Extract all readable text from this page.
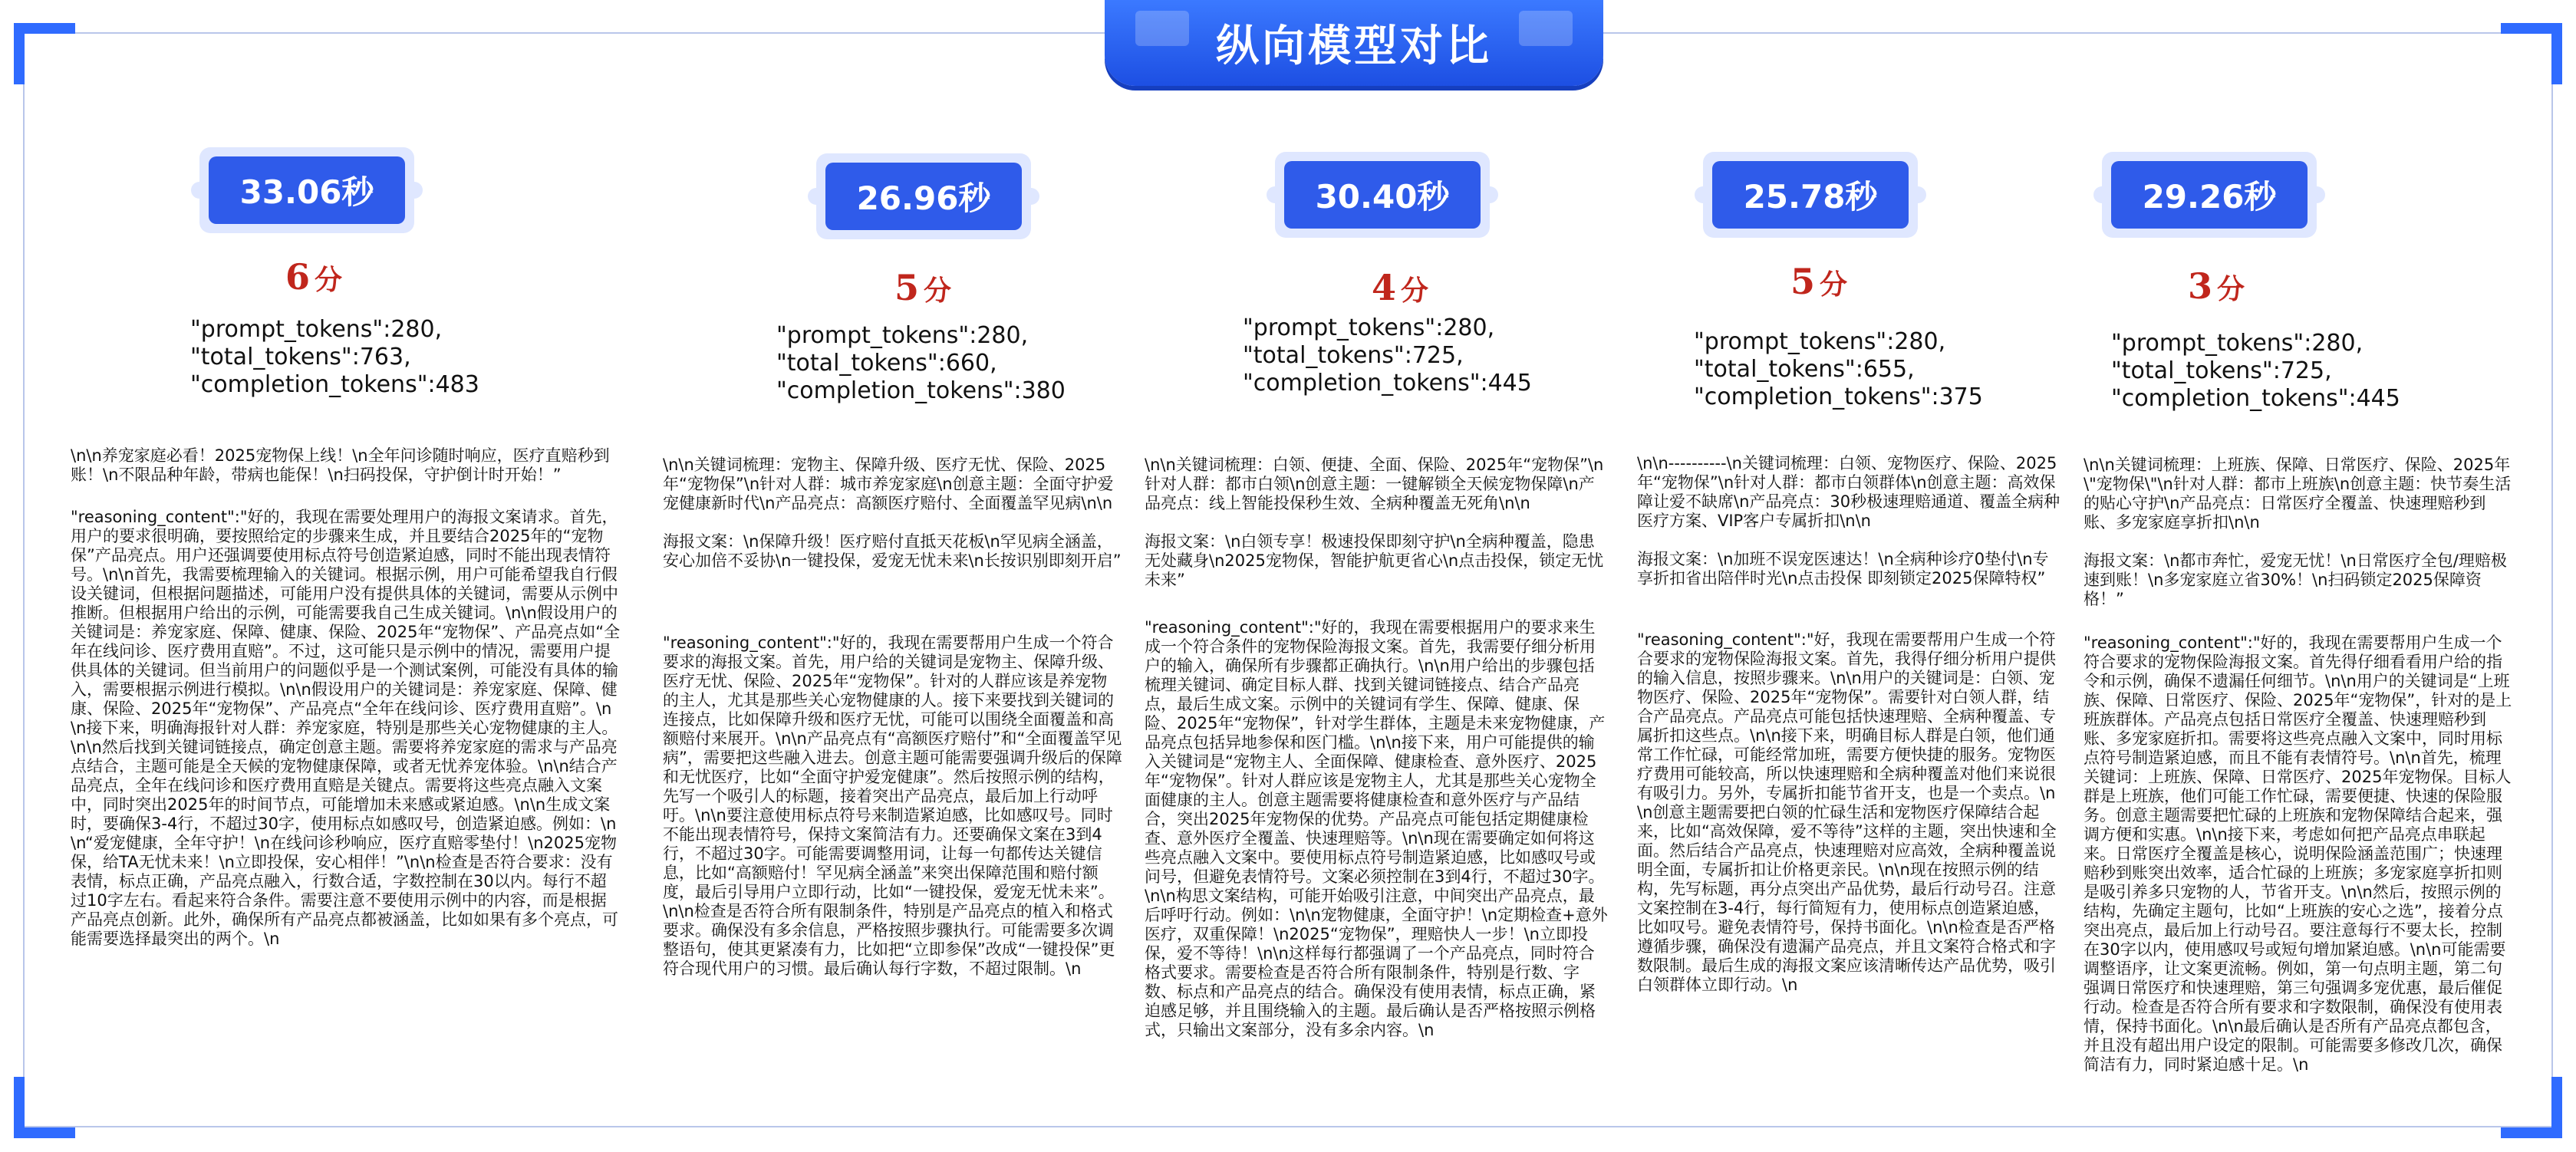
纵向模型对比
33.06秒
6 分
"prompt_tokens":280,
"total_tokens":763,
"completion_tokens":483
\n\n养宠家庭必看！2025宠物保上线！\n全年问诊随时响应，医疗直赔秒到账！\n不限品种年龄，带病也能保！\n扫码投保，守护倒计时开始！”
"reasoning_content":"好的，我现在需要处理用户的海报文案请求。首先，用户的要求很明确，要按照给定的步骤来生成，并且要结合2025年的“宠物保”产品亮点。用户还强调要使用标点符号创造紧迫感，同时不能出现表情符号。\n\n首先，我需要梳理输入的关键词。根据示例，用户可能希望我自行假设关键词，但根据问题描述，可能用户没有提供具体的关键词，需要从示例中推断。但根据用户给出的示例，可能需要我自己生成关键词。\n\n假设用户的关键词是：养宠家庭、保障、健康、保险、2025年“宠物保”、产品亮点如“全年在线问诊、医疗费用直赔”。不过，这可能只是示例中的情况，需要用户提供具体的关键词。但当前用户的问题似乎是一个测试案例，可能没有具体的输入，需要根据示例进行模拟。\n\n假设用户的关键词是：养宠家庭、保障、健康、保险、2025年“宠物保”、产品亮点“全年在线问诊、医疗费用直赔”。\n\n接下来，明确海报针对人群：养宠家庭，特别是那些关心宠物健康的主人。\n\n然后找到关键词链接点，确定创意主题。需要将养宠家庭的需求与产品亮点结合，主题可能是全天候的宠物健康保障，或者无忧养宠体验。\n\n结合产品亮点，全年在线问诊和医疗费用直赔是关键点。需要将这些亮点融入文案中，同时突出2025年的时间节点，可能增加未来感或紧迫感。\n\n生成文案时，要确保3-4行，不超过30字，使用标点如感叹号，创造紧迫感。例如：\n\n“爱宠健康，全年守护！\n在线问诊秒响应，医疗直赔零垫付！\n2025宠物保，给TA无忧未来！\n立即投保，安心相伴！”\n\n检查是否符合要求：没有表情，标点正确，产品亮点融入，行数合适，字数控制在30以内。每行不超过10字左右。看起来符合条件。需要注意不要使用示例中的内容，而是根据产品亮点创新。此外，确保所有产品亮点都被涵盖，比如如果有多个亮点，可能需要选择最突出的两个。\n
26.96秒
5 分
"prompt_tokens":280,
"total_tokens":660,
"completion_tokens":380
\n\n关键词梳理：宠物主、保障升级、医疗无忧、保险、2025年“宠物保”\n针对人群：城市养宠家庭\n创意主题：全面守护爱宠健康新时代\n产品亮点：高额医疗赔付、全面覆盖罕见病\n\n

海报文案：\n保障升级！医疗赔付直抵天花板\n罕见病全涵盖，安心加倍不妥协\n一键投保，爱宠无忧未来\n长按识别即刻开启”
"reasoning_content":"好的，我现在需要帮用户生成一个符合要求的海报文案。首先，用户给的关键词是宠物主、保障升级、医疗无忧、保险、2025年“宠物保”。针对的人群应该是养宠物的主人，尤其是那些关心宠物健康的人。接下来要找到关键词的连接点，比如保障升级和医疗无忧，可能可以围绕全面覆盖和高额赔付来展开。\n\n产品亮点有“高额医疗赔付”和“全面覆盖罕见病”，需要把这些融入进去。创意主题可能需要强调升级后的保障和无忧医疗，比如“全面守护爱宠健康”。然后按照示例的结构，先写一个吸引人的标题，接着突出产品亮点，最后加上行动呼吁。\n\n要注意使用标点符号来制造紧迫感，比如感叹号。同时不能出现表情符号，保持文案简洁有力。还要确保文案在3到4行，不超过30字。可能需要调整用词，让每一句都传达关键信息，比如“高额赔付！罕见病全涵盖”来突出保障范围和赔付额度，最后引导用户立即行动，比如“一键投保，爱宠无忧未来”。\n\n检查是否符合所有限制条件，特别是产品亮点的植入和格式要求。确保没有多余信息，严格按照步骤执行。可能需要多次调整语句，使其更紧凑有力，比如把“立即参保”改成“一键投保”更符合现代用户的习惯。最后确认每行字数，不超过限制。\n
30.40秒
4 分
"prompt_tokens":280,
"total_tokens":725,
"completion_tokens":445
\n\n关键词梳理：白领、便捷、全面、保险、2025年“宠物保”\n针对人群：都市白领\n创意主题：一键解锁全天候宠物保障\n产品亮点：线上智能投保秒生效、全病种覆盖无死角\n\n

海报文案：\n白领专享！极速投保即刻守护\n全病种覆盖，隐患无处藏身\n2025宠物保，智能护航更省心\n点击投保，锁定无忧未来”
"reasoning_content":"好的，我现在需要根据用户的要求来生成一个符合条件的宠物保险海报文案。首先，我需要仔细分析用户的输入，确保所有步骤都正确执行。\n\n用户给出的步骤包括梳理关键词、确定目标人群、找到关键词链接点、结合产品亮点，最后生成文案。示例中的关键词有学生、保障、健康、保险、2025年“宠物保”，针对学生群体，主题是未来宠物健康，产品亮点包括异地参保和医门槛。\n\n接下来，用户可能提供的输入关键词是“宠物主人、全面保障、健康检查、意外医疗、2025年“宠物保”。针对人群应该是宠物主人，尤其是那些关心宠物全面健康的主人。创意主题需要将健康检查和意外医疗与产品结合，突出2025年宠物保的优势。产品亮点可能包括定期健康检查、意外医疗全覆盖、快速理赔等。\n\n现在需要确定如何将这些亮点融入文案中。要使用标点符号制造紧迫感，比如感叹号或问号，但避免表情符号。文案必须控制在3到4行，不超过30字。\n\n构思文案结构，可能开始吸引注意，中间突出产品亮点，最后呼吁行动。例如：\n\n宠物健康，全面守护！\n定期检查+意外医疗，双重保障！\n2025“宠物保”，理赔快人一步！\n立即投保，爱不等待！\n\n这样每行都强调了一个产品亮点，同时符合格式要求。需要检查是否符合所有限制条件，特别是行数、字数、标点和产品亮点的结合。确保没有使用表情，标点正确，紧迫感足够，并且围绕输入的主题。最后确认是否严格按照示例格式，只输出文案部分，没有多余内容。\n
25.78秒
5 分
"prompt_tokens":280,
"total_tokens":655,
"completion_tokens":375
\n\n----------\n关键词梳理：白领、宠物医疗、保险、2025年“宠物保”\n针对人群：都市白领群体\n创意主题：高效保障让爱不缺席\n产品亮点：30秒极速理赔通道、覆盖全病种医疗方案、VIP客户专属折扣\n\n

海报文案：\n加班不误宠医速达！\n全病种诊疗0垫付\n专享折扣省出陪伴时光\n点击投保 即刻锁定2025保障特权”
"reasoning_content":"好，我现在需要帮用户生成一个符合要求的宠物保险海报文案。首先，我得仔细分析用户提供的输入信息，按照步骤来。\n\n用户的关键词是：白领、宠物医疗、保险、2025年“宠物保”。需要针对白领人群，结合产品亮点。产品亮点可能包括快速理赔、全病种覆盖、专属折扣这些点。\n\n接下来，明确目标人群是白领，他们通常工作忙碌，可能经常加班，需要方便快捷的服务。宠物医疗费用可能较高，所以快速理赔和全病种覆盖对他们来说很有吸引力。另外，专属折扣能节省开支，也是一个卖点。\n\n创意主题需要把白领的忙碌生活和宠物医疗保障结合起来，比如“高效保障，爱不等待”这样的主题，突出快速和全面。然后结合产品亮点，快速理赔对应高效，全病种覆盖说明全面，专属折扣让价格更亲民。\n\n现在按照示例的结构，先写标题，再分点突出产品优势，最后行动号召。注意文案控制在3-4行，每行简短有力，使用标点创造紧迫感，比如叹号。避免表情符号，保持书面化。\n\n检查是否严格遵循步骤，确保没有遗漏产品亮点，并且文案符合格式和字数限制。最后生成的海报文案应该清晰传达产品优势，吸引白领群体立即行动。\n
29.26秒
3 分
"prompt_tokens":280,
"total_tokens":725,
"completion_tokens":445
\n\n关键词梳理：上班族、保障、日常医疗、保险、2025年\"宠物保\"\n针对人群：都市上班族\n创意主题：快节奏生活的贴心守护\n产品亮点：日常医疗全覆盖、快速理赔秒到账、多宠家庭享折扣\n\n

海报文案：\n都市奔忙，爱宠无忧！\n日常医疗全包/理赔极速到账！\n多宠家庭立省30%！\n扫码锁定2025保障资格！”
"reasoning_content":"好的，我现在需要帮用户生成一个符合要求的宠物保险海报文案。首先得仔细看看用户给的指令和示例，确保不遗漏任何细节。\n\n用户的关键词是“上班族、保障、日常医疗、保险、2025年“宠物保”，针对的是上班族群体。产品亮点包括日常医疗全覆盖、快速理赔秒到账、多宠家庭折扣。需要将这些亮点融入文案中，同时用标点符号制造紧迫感，而且不能有表情符号。\n\n首先，梳理关键词：上班族、保障、日常医疗、2025年宠物保。目标人群是上班族，他们可能工作忙碌，需要便捷、快速的保险服务。创意主题需要把忙碌的上班族和宠物保障结合起来，强调方便和实惠。\n\n接下来，考虑如何把产品亮点串联起来。日常医疗全覆盖是核心，说明保险涵盖范围广；快速理赔秒到账突出效率，适合忙碌的上班族；多宠家庭享折扣则是吸引养多只宠物的人，节省开支。\n\n然后，按照示例的结构，先确定主题句，比如“上班族的安心之选”，接着分点突出亮点，最后加上行动号召。要注意每行不要太长，控制在30字以内，使用感叹号或短句增加紧迫感。\n\n可能需要调整语序，让文案更流畅。例如，第一句点明主题，第二句强调日常医疗和快速理赔，第三句强调多宠优惠，最后催促行动。检查是否符合所有要求和字数限制，确保没有使用表情，保持书面化。\n\n最后确认是否所有产品亮点都包含，并且没有超出用户设定的限制。可能需要多修改几次，确保简洁有力，同时紧迫感十足。\n
